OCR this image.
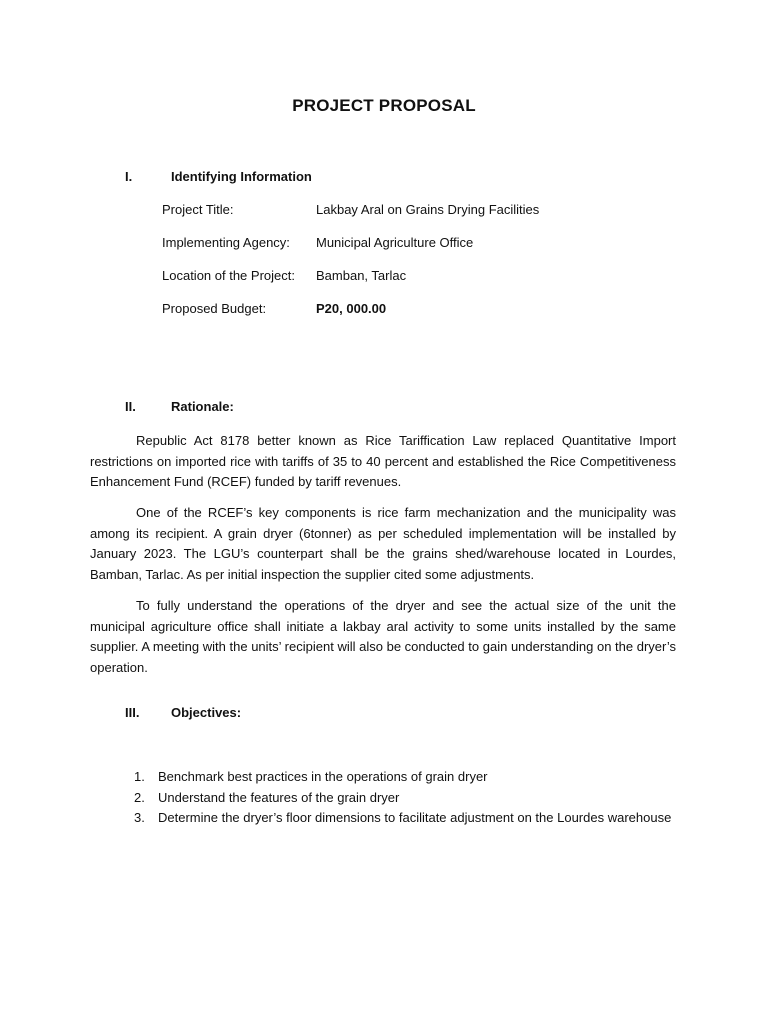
PROJECT PROPOSAL
I.	Identifying Information
Project Title:	Lakbay Aral on Grains Drying Facilities
Implementing Agency:	Municipal Agriculture Office
Location of the Project:	Bamban, Tarlac
Proposed Budget:	P20, 000.00
II.	Rationale:

Republic Act 8178 better known as Rice Tariffication Law replaced Quantitative Import restrictions on imported rice with tariffs of 35 to 40 percent and established the Rice Competitiveness Enhancement Fund (RCEF) funded by tariff revenues.

One of the RCEF’s key components is rice farm mechanization and the municipality was among its recipient. A grain dryer (6tonner) as per scheduled implementation will be installed by January 2023. The LGU’s counterpart shall be the grains shed/warehouse located in Lourdes, Bamban, Tarlac. As per initial inspection the supplier cited some adjustments.

To fully understand the operations of the dryer and see the actual size of the unit the municipal agriculture office shall initiate a lakbay aral activity to some units installed by the same supplier. A meeting with the units’ recipient will also be conducted to gain understanding on the dryer’s operation.

III.	Objectives:
1.	Benchmark best practices in the operations of grain dryer
2.	Understand the features of the grain dryer
3.	Determine the dryer’s floor dimensions to facilitate adjustment on the Lourdes warehouse
